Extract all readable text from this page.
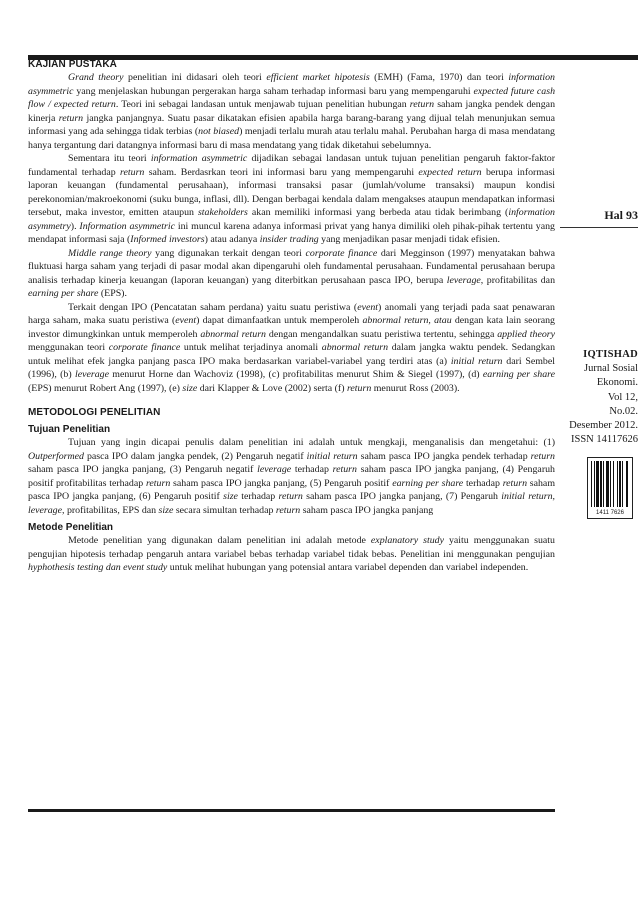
KAJIAN PUSTAKA

Grand theory penelitian ini didasari oleh teori efficient market hipotesis (EMH) (Fama, 1970) dan teori information asymmetric yang menjelaskan hubungan pergerakan harga saham terhadap informasi baru yang mempengaruhi expected future cash flow / expected return. Teori ini sebagai landasan untuk menjawab tujuan penelitian hubungan return saham jangka pendek dengan kinerja return jangka panjangnya. Suatu pasar dikatakan efisien apabila harga barang-barang yang dijual telah menunjukan semua informasi yang ada sehingga tidak terbias (not biased) menjadi terlalu murah atau terlalu mahal. Perubahan harga di masa mendatang hanya tergantung dari datangnya informasi baru di masa mendatang yang tidak diketahui sebelumnya.

Sementara itu teori information asymmetric dijadikan sebagai landasan untuk tujuan penelitian pengaruh faktor-faktor fundamental terhadap return saham. Berdasrkan teori ini informasi baru yang mempengaruhi expected return berupa informasi laporan keuangan (fundamental perusahaan), informasi transaksi pasar (jumlah/volume transaksi) maupun kondisi perekonomian/makroekonomi (suku bunga, inflasi, dll). Dengan berbagai kendala dalam mengakses ataupun mendapatkan informasi tersebut, maka investor, emitten ataupun stakeholders akan memiliki informasi yang berbeda atau tidak berimbang (information asymmetry). Information asymmetric ini muncul karena adanya informasi privat yang hanya dimiliki oleh pihak-pihak tertentu yang mendapat informasi saja (Informed investors) atau adanya insider trading yang menjadikan pasar menjadi tidak efisien.

Middle range theory yang digunakan terkait dengan teori corporate finance dari Megginson (1997) menyatakan bahwa fluktuasi harga saham yang terjadi di pasar modal akan dipengaruhi oleh fundamental perusahaan. Fundamental perusahaan berupa analisis terhadap kinerja keuangan (laporan keuangan) yang diterbitkan perusahaan pasca IPO, berupa leverage, profitabilitas dan earning per share (EPS).

Terkait dengan IPO (Pencatatan saham perdana) yaitu suatu peristiwa (event) anomali yang terjadi pada saat penawaran harga saham, maka suatu peristiwa (event) dapat dimanfaatkan untuk memperoleh abnormal return, atau dengan kata lain seorang investor dimungkinkan untuk memperoleh abnormal return dengan mengandalkan suatu peristiwa tertentu, sehingga applied theory menggunakan teori corporate finance untuk melihat terjadinya anomali abnormal return dalam jangka waktu pendek. Sedangkan untuk melihat efek jangka panjang pasca IPO maka berdasarkan variabel-variabel yang terdiri atas (a) initial return dari Sembel (1996), (b) leverage menurut Horne dan Wachoviz (1998), (c) profitabilitas menurut Shim & Siegel (1997), (d) earning per share (EPS) menurut Robert Ang (1997), (e) size dari Klapper & Love (2002) serta (f) return menurut Ross (2003).

METODOLOGI PENELITIAN
Tujuan Penelitian

Tujuan yang ingin dicapai penulis dalam penelitian ini adalah untuk mengkaji, menganalisis dan mengetahui: (1) Outperformed pasca IPO dalam jangka pendek, (2) Pengaruh negatif initial return saham pasca IPO jangka pendek terhadap return saham pasca IPO jangka panjang, (3) Pengaruh negatif leverage terhadap return saham pasca IPO jangka panjang, (4) Pengaruh positif profitabilitas terhadap return saham pasca IPO jangka panjang, (5) Pengaruh positif earning per share terhadap return saham pasca IPO jangka panjang, (6) Pengaruh positif size terhadap return saham pasca IPO jangka panjang, (7) Pengaruh initial return, leverage, profitabilitas, EPS dan size secara simultan terhadap return saham pasca IPO jangka panjang

Metode Penelitian

Metode penelitian yang digunakan dalam penelitian ini adalah metode explanatory study yaitu menggunakan suatu pengujian hipotesis terhadap pengaruh antara variabel bebas terhadap variabel tidak bebas. Penelitian ini menggunakan pengujian hyphothesis testing dan event study untuk melihat hubungan yang potensial antara variabel dependen dan variabel independen.

Hal 93
IQTISHAD
Jurnal Sosial
Ekonomi.
Vol 12,
No.02.
Desember 2012.
ISSN 14117626
1411 7626
